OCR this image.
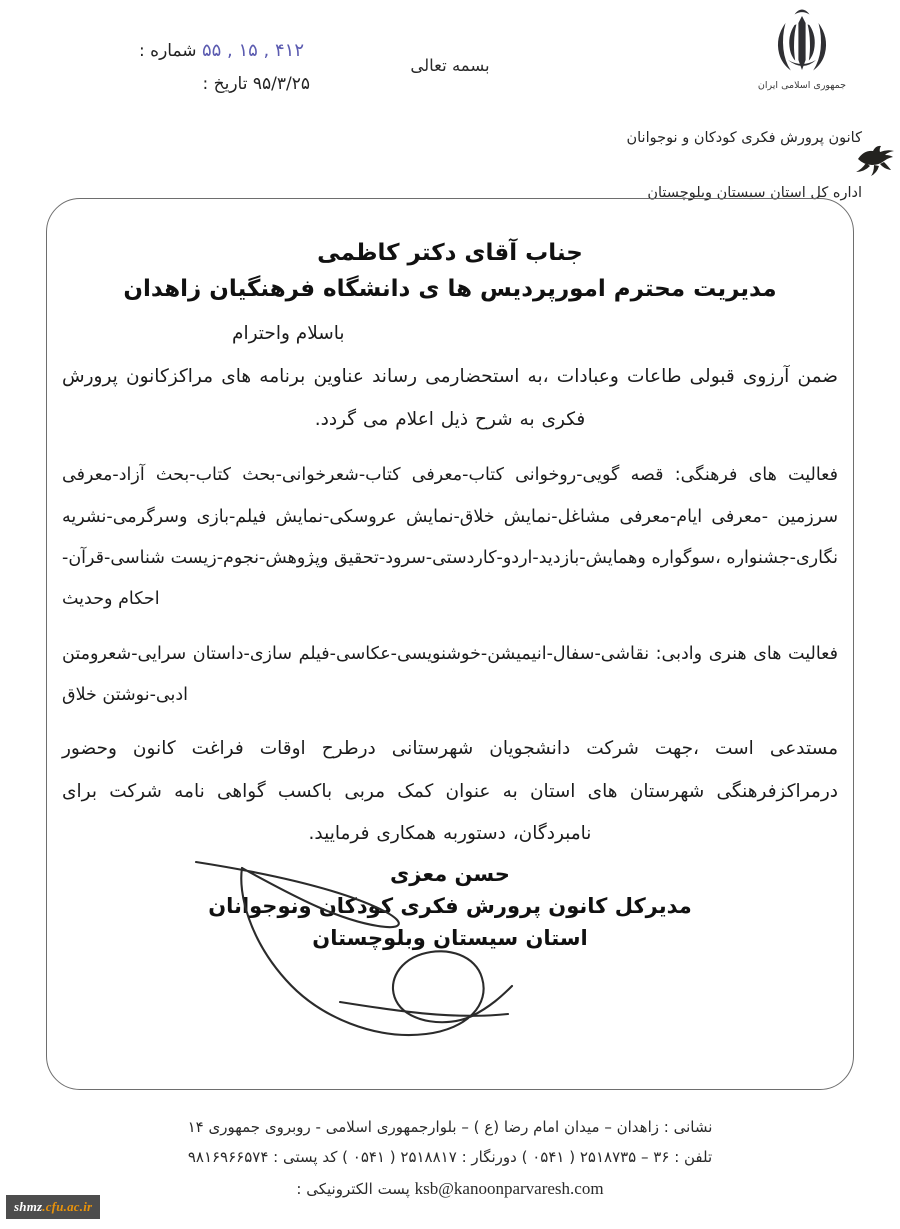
جمهوری اسلامی ایران
بسمه تعالی
۴۱۲ , ۱۵ , ۵۵ شماره :
۹۵/۳/۲۵ تاریخ :
کانون پرورش فکری کودکان و نوجوانان
اداره کل استان سیستان وبلوچستان
جناب آقای دکتر کاظمی
مدیریت محترم امورپردیس ها ی دانشگاه فرهنگیان زاهدان
باسلام واحترام

ضمن آرزوی قبولی طاعات وعبادات ،به استحضارمی رساند عناوین برنامه های مراکزکانون پرورش فکری به شرح ذیل اعلام می گردد.

فعالیت های فرهنگی: قصه گویی-روخوانی کتاب-معرفی کتاب-شعرخوانی-بحث کتاب-بحث آزاد-معرفی سرزمین -معرفی ایام-معرفی مشاغل-نمایش خلاق-نمایش عروسکی-نمایش فیلم-بازی وسرگرمی-نشریه نگاری-جشنواره ،سوگواره وهمایش-بازدید-اردو-کاردستی-سرود-تحقیق وپژوهش-نجوم-زیست شناسی-قرآن-احکام وحدیث
فعالیت های هنری وادبی: نقاشی-سفال-انیمیشن-خوشنویسی-عکاسی-فیلم سازی-داستان سرایی-شعرومتن ادبی-نوشتن خلاق

مستدعی است ،جهت شرکت دانشجویان شهرستانی درطرح اوقات فراغت کانون وحضور درمراکزفرهنگی شهرستان های استان به عنوان کمک مربی باکسب گواهی نامه شرکت برای نامبردگان، دستوربه همکاری فرمایید.

حسن معزی
مدیرکل کانون پرورش فکری کودکان ونوجوانان
استان سیستان وبلوچستان
نشانی : زاهدان – میدان امام رضا (ع ) – بلوارجمهوری اسلامی - روبروی جمهوری ۱۴
تلفن : ۳۶ – ۲۵۱۸۷۳۵ ( ۰۵۴۱ ) دورنگار : ۲۵۱۸۸۱۷ ( ۰۵۴۱ ) کد پستی : ۹۸۱۶۹۶۶۵۷۴
ksb@kanoonparvaresh.com پست الکترونیکی :
shmz.cfu.ac.ir
